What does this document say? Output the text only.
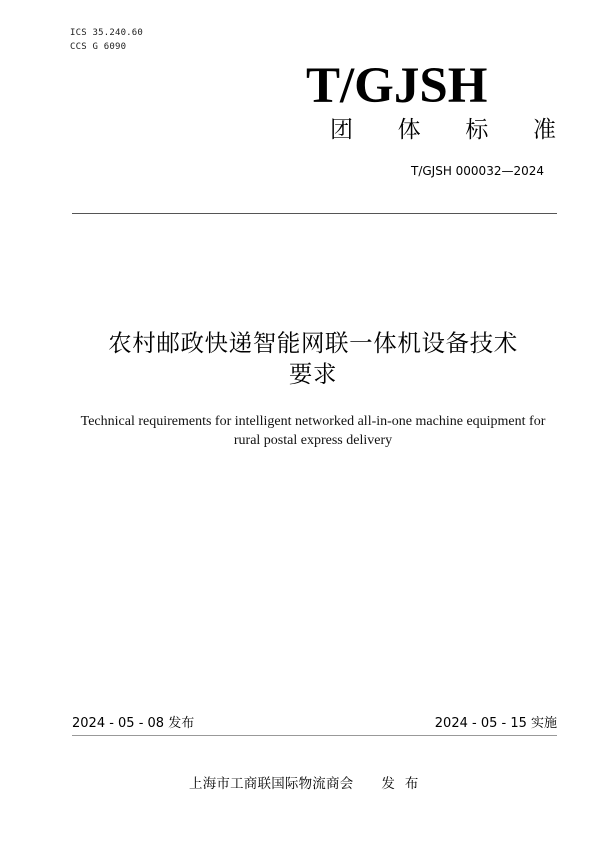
ICS 35.240.60
CCS G 6090
T/GJSH
团 体 标 准
T/GJSH 000032—2024
农村邮政快递智能网联一体机设备技术
要求
Technical requirements for intelligent networked all-in-one machine equipment for
rural postal express delivery
2024 - 05 - 08 发布	2024 - 05 - 15 实施
上海市工商联国际物流商会 发布
